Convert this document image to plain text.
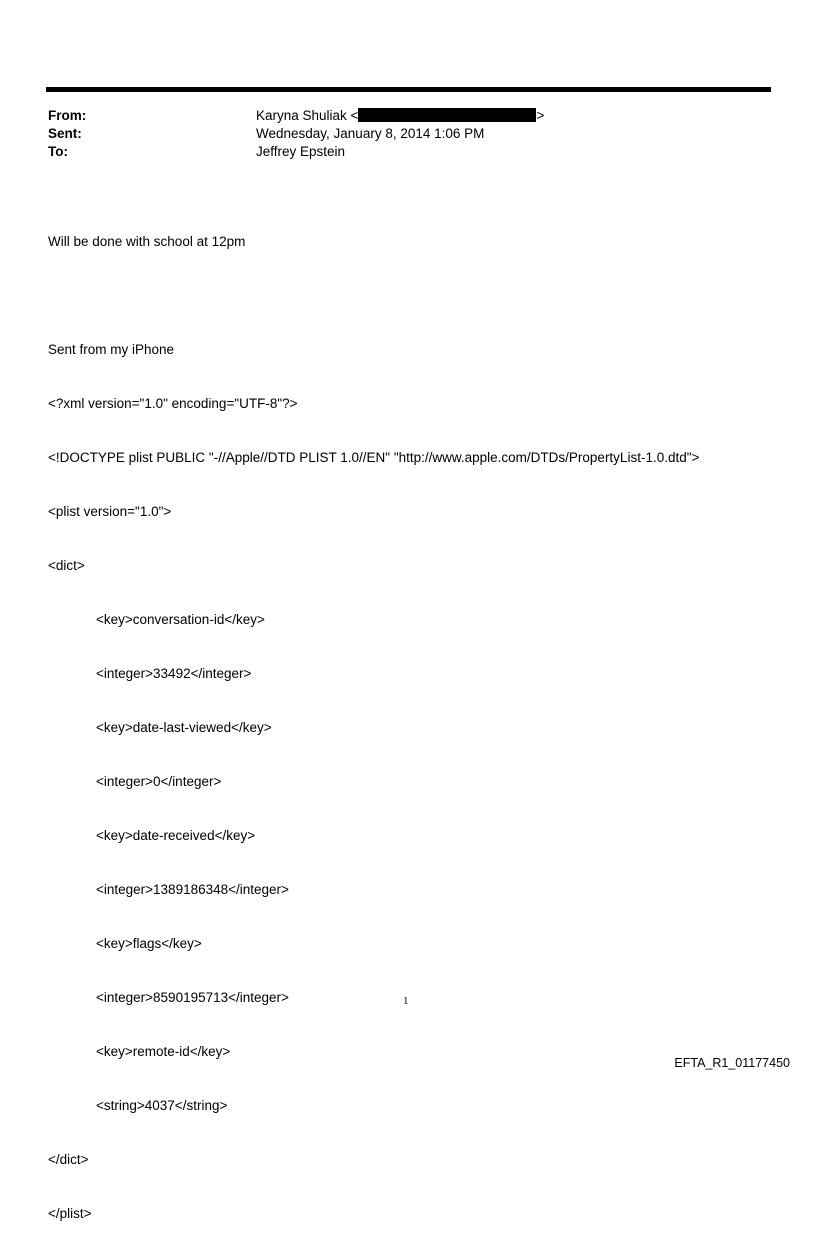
From:	Karyna Shuliak <	>
Sent:	Wednesday, January 8, 2014 1:06 PM
To:	Jeffrey Epstein

Will be done with school at 12pm

Sent from my iPhone

<?xml version="1.0" encoding="UTF-8"?>

<!DOCTYPE plist PUBLIC "-//Apple//DTD PLIST 1.0//EN" "http://www.apple.com/DTDs/PropertyList-1.0.dtd">

<plist version="1.0">

<dict>

<key>conversation-id</key>

<integer>33492</integer>

<key>date-last-viewed</key>

<integer>0</integer>

<key>date-received</key>

<integer>1389186348</integer>

<key>flags</key>

<integer>8590195713</integer>

<key>remote-id</key>

<string>4037</string>

</dict>

</plist>

1
EFTA_R1_01177450
